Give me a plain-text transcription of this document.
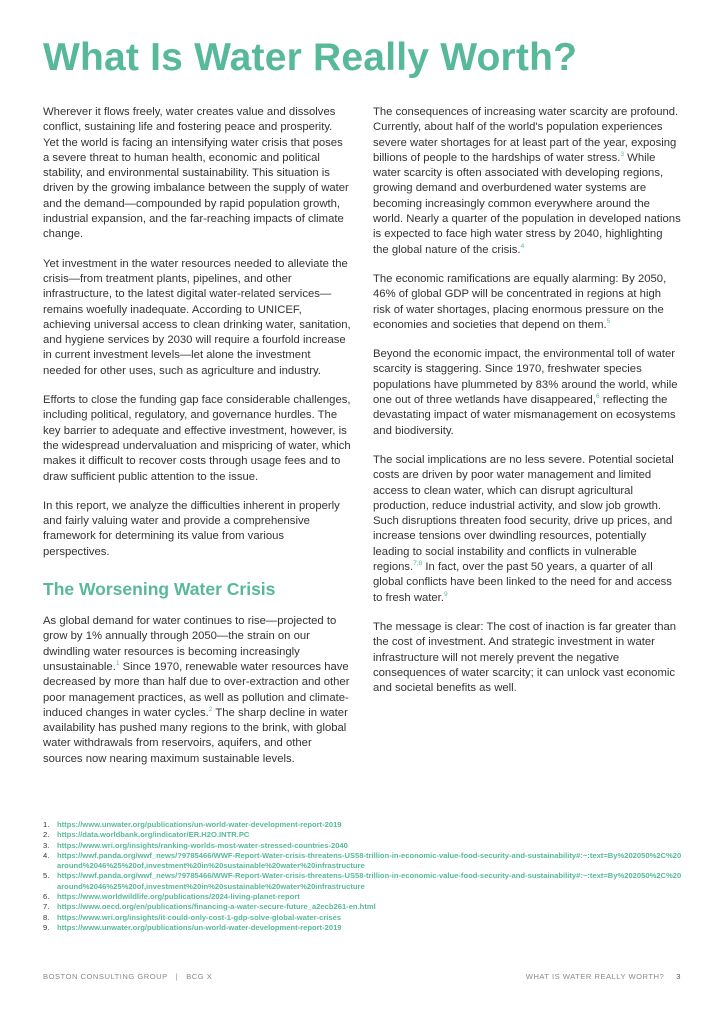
What Is Water Really Worth?

Wherever it flows freely, water creates value and dissolves conflict, sustaining life and fostering peace and prosperity. Yet the world is facing an intensifying water crisis that poses a severe threat to human health, economic and political stability, and environmental sustainability. This situation is driven by the growing imbalance between the supply of water and the demand—compounded by rapid population growth, industrial expansion, and the far-reaching impacts of climate change.

Yet investment in the water resources needed to alleviate the crisis—from treatment plants, pipelines, and other infrastructure, to the latest digital water-related services—remains woefully inadequate. According to UNICEF, achieving universal access to clean drinking water, sanitation, and hygiene services by 2030 will require a fourfold increase in current investment levels—let alone the investment needed for other uses, such as agriculture and industry.

Efforts to close the funding gap face considerable challenges, including political, regulatory, and governance hurdles. The key barrier to adequate and effective investment, however, is the widespread undervaluation and mispricing of water, which makes it difficult to recover costs through usage fees and to draw sufficient public attention to the issue.

In this report, we analyze the difficulties inherent in properly and fairly valuing water and provide a comprehensive framework for determining its value from various perspectives.

The Worsening Water Crisis

As global demand for water continues to rise—projected to grow by 1% annually through 2050—the strain on our dwindling water resources is becoming increasingly unsustainable.$^1$ Since 1970, renewable water resources have decreased by more than half due to over-extraction and other poor management practices, as well as pollution and climate-induced changes in water cycles.$^2$ The sharp decline in water availability has pushed many regions to the brink, with global water withdrawals from reservoirs, aquifers, and other sources now nearing maximum sustainable levels.

The consequences of increasing water scarcity are profound. Currently, about half of the world's population experiences severe water shortages for at least part of the year, exposing billions of people to the hardships of water stress.$^3$ While water scarcity is often associated with developing regions, growing demand and overburdened water systems are becoming increasingly common everywhere around the world. Nearly a quarter of the population in developed nations is expected to face high water stress by 2040, highlighting the global nature of the crisis.$^4$

The economic ramifications are equally alarming: By 2050, 46% of global GDP will be concentrated in regions at high risk of water shortages, placing enormous pressure on the economies and societies that depend on them.$^5$

Beyond the economic impact, the environmental toll of water scarcity is staggering. Since 1970, freshwater species populations have plummeted by 83% around the world, while one out of three wetlands have disappeared,$^6$ reflecting the devastating impact of water mismanagement on ecosystems and biodiversity.

The social implications are no less severe. Potential societal costs are driven by poor water management and limited access to clean water, which can disrupt agricultural production, reduce industrial activity, and slow job growth. Such disruptions threaten food security, drive up prices, and increase tensions over dwindling resources, potentially leading to social instability and conflicts in vulnerable regions.$^{7,8}$ In fact, over the past 50 years, a quarter of all global conflicts have been linked to the need for and access to fresh water.$^9$

The message is clear: The cost of inaction is far greater than the cost of investment. And strategic investment in water infrastructure will not merely prevent the negative consequences of water scarcity; it can unlock vast economic and societal benefits as well.

1.	https://www.unwater.org/publications/un-world-water-development-report-2019
2.	https://data.worldbank.org/indicator/ER.H2O.INTR.PC
3.	https://www.wri.org/insights/ranking-worlds-most-water-stressed-countries-2040
4.	https://wwf.panda.org/wwf_news/?9785466/WWF-Report-Water-crisis-threatens-US58-trillion-in-economic-value-food-security-and-sustainability#:~:text=By%202050%2C%20around%2046%25%20of,investment%20in%20sustainable%20water%20infrastructure
5.	https://wwf.panda.org/wwf_news/?9785466/WWF-Report-Water-crisis-threatens-US58-trillion-in-economic-value-food-security-and-sustainability#:~:text=By%202050%2C%20around%2046%25%20of,investment%20in%20sustainable%20water%20infrastructure
6.	https://www.worldwildlife.org/publications/2024-living-planet-report
7.	https://www.oecd.org/en/publications/financing-a-water-secure-future_a2ecb261-en.html
8.	https://www.wri.org/insights/it-could-only-cost-1-gdp-solve-global-water-crises
9.	https://www.unwater.org/publications/un-world-water-development-report-2019
BOSTON CONSULTING GROUP | BCG X	WHAT IS WATER REALLY WORTH? 3
